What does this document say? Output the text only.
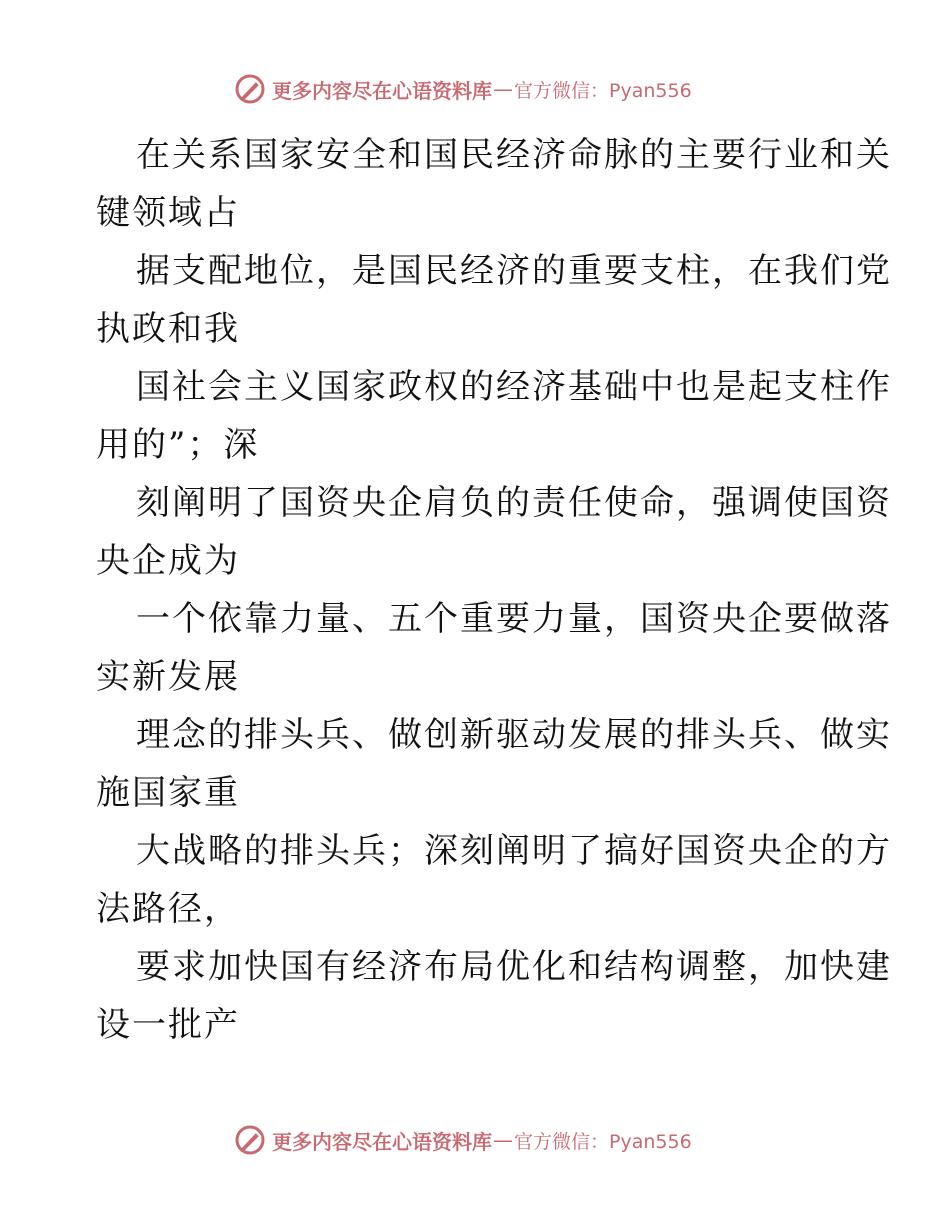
更多内容尽在心语资料库 — 官方微信：Pyan556
在关系国家安全和国民经济命脉的主要行业和关
键领域占
据支配地位，是国民经济的重要支柱，在我们党
执政和我
国社会主义国家政权的经济基础中也是起支柱作
用的”；深
刻阐明了国资央企肩负的责任使命，强调使国资
央企成为
一个依靠力量、五个重要力量，国资央企要做落
实新发展
理念的排头兵、做创新驱动发展的排头兵、做实
施国家重
大战略的排头兵；深刻阐明了搞好国资央企的方
法路径，
要求加快国有经济布局优化和结构调整，加快建
设一批产
更多内容尽在心语资料库 — 官方微信：Pyan556
